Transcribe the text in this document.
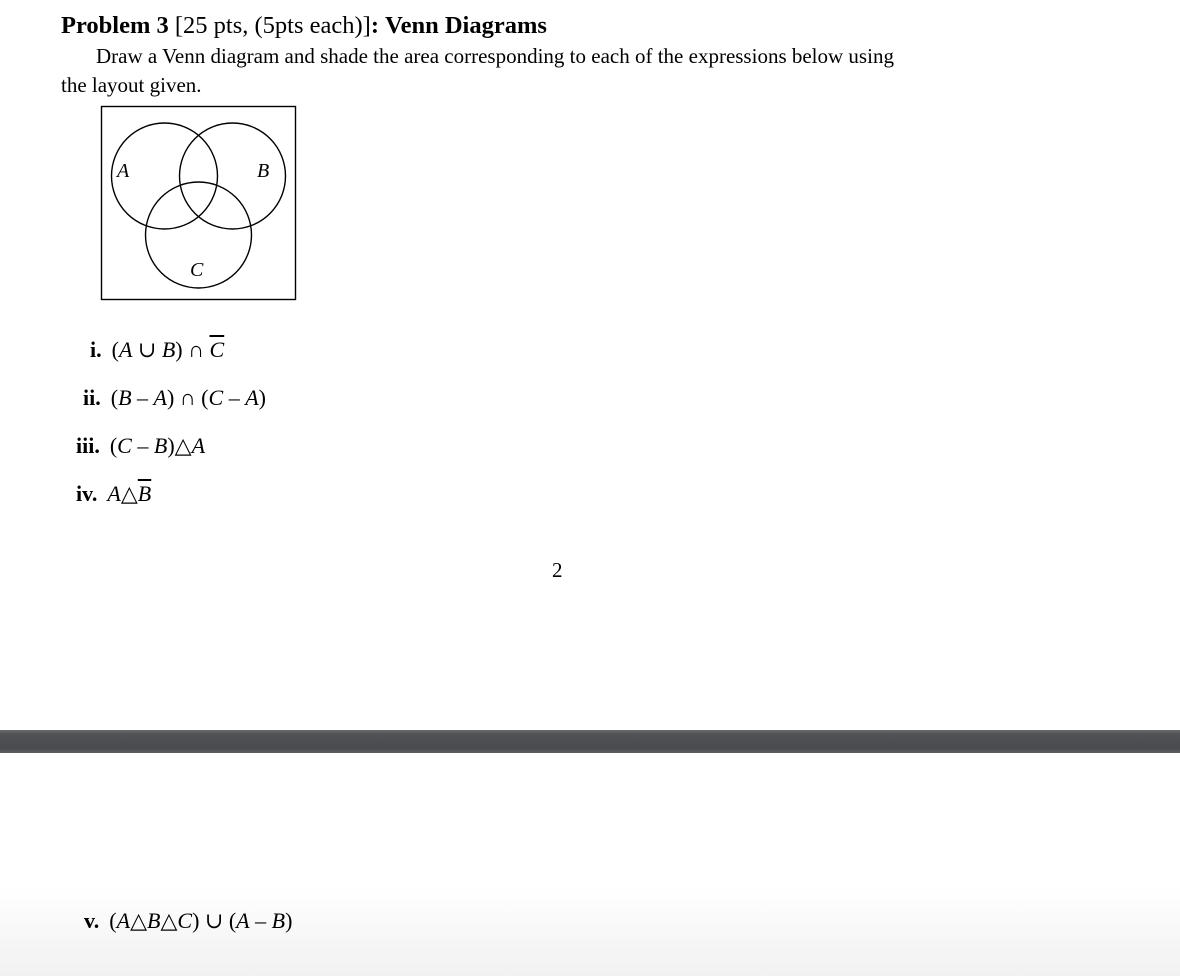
Problem 3 [25 pts, (5pts each)]: Venn Diagrams
Draw a Venn diagram and shade the area corresponding to each of the expressions below using
the layout given.
A	B
C
i. (A ∪ B) ∩ $\overline{C}$
ii. (B – A) ∩ (C – A)
iii. (C – B)△A
iv. $A\triangle\overline{B}$
2
v. (A△B△C) ∪ (A – B)
